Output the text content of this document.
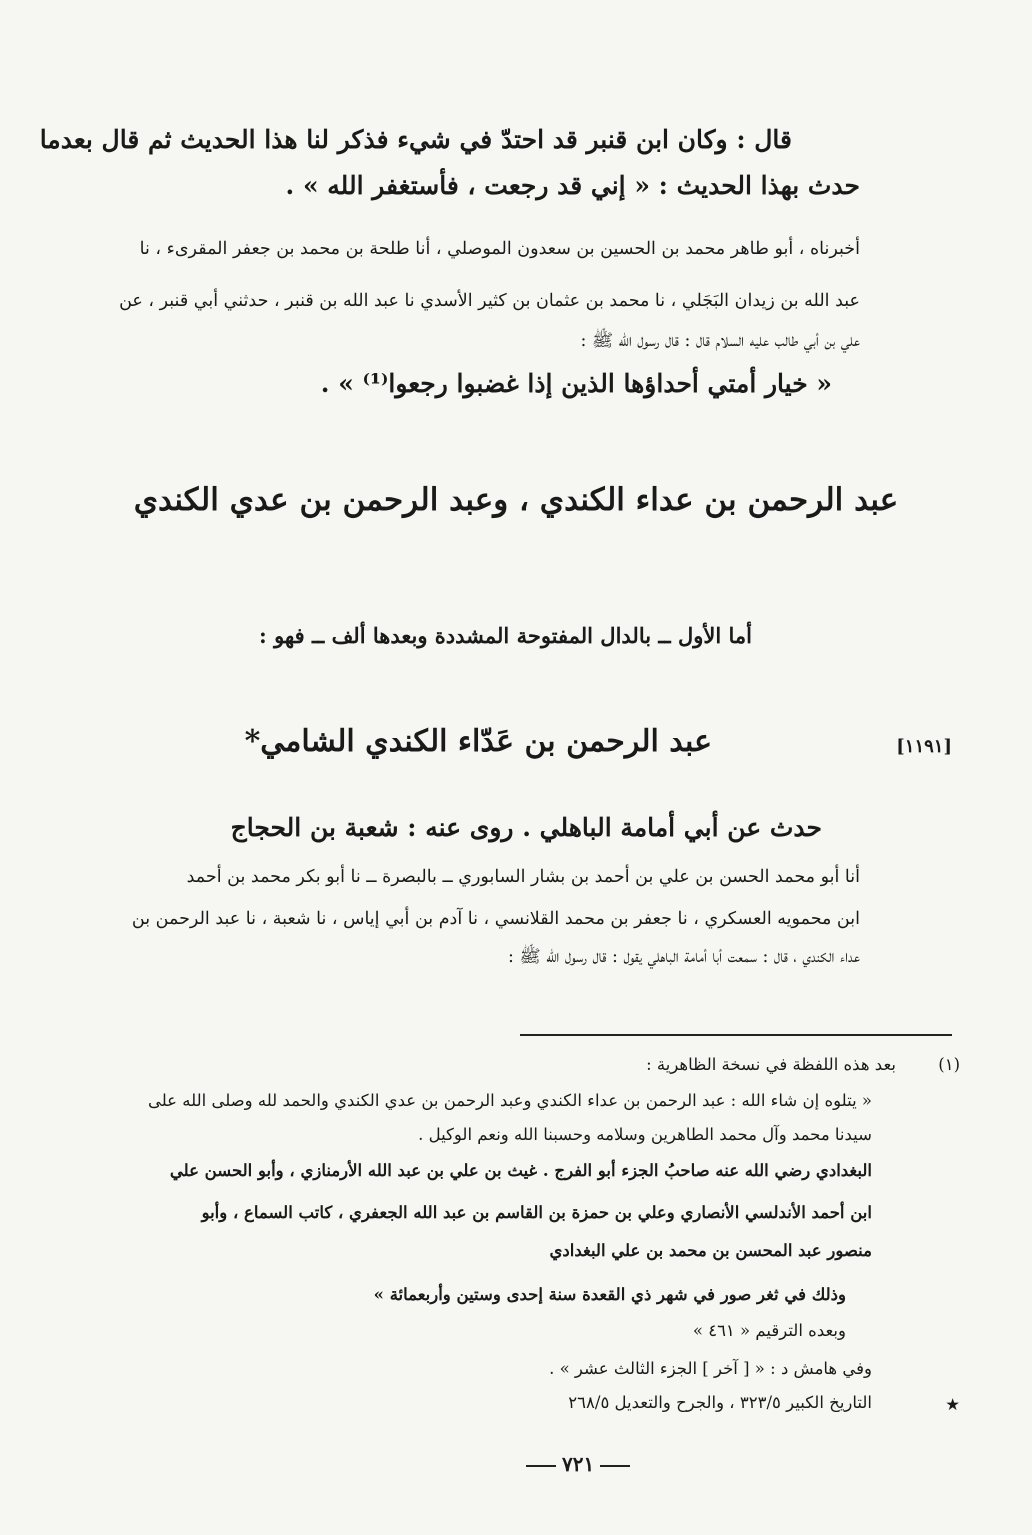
قال : وكان ابن قنبر قد احتدّ في شيء فذكر لنا هذا الحديث ثم قال بعدما
حدث بهذا الحديث : « إني قد رجعت ، فأستغفر الله » .
أخبرناه ، أبو طاهر محمد بن الحسين بن سعدون الموصلي ، أنا طلحة بن محمد بن جعفر المقرىء ، نا
عبد الله بن زيدان البَجَلي ، نا محمد بن عثمان بن كثير الأسدي نا عبد الله بن قنبر ، حدثني أبي قنبر ، عن
علي بن أبي طالب عليه السلام قال : قال رسول الله ﷺ :
« خيار أمتي أحداؤها الذين إذا غضبوا رجعوا⁽¹⁾ » .
عبد الرحمن بن عداء الكندي ، وعبد الرحمن بن عدي الكندي
أما الأول ــ بالدال المفتوحة المشددة وبعدها ألف ــ فهو :
[١١٩١]
عبد الرحمن بن عَدّاء الكندي الشامي*
حدث عن أبي أمامة الباهلي . روى عنه : شعبة بن الحجاج
أنا أبو محمد الحسن بن علي بن أحمد بن بشار السابوري ــ بالبصرة ــ نا أبو بكر محمد بن أحمد
ابن محمويه العسكري ، نا جعفر بن محمد القلانسي ، نا آدم بن أبي إياس ، نا شعبة ، نا عبد الرحمن بن
عداء الكندي ، قال : سمعت أبا أمامة الباهلي يقول : قال رسول الله ﷺ :
(١)
بعد هذه اللفظة في نسخة الظاهرية :
« يتلوه إن شاء الله : عبد الرحمن بن عداء الكندي وعبد الرحمن بن عدي الكندي والحمد لله وصلى الله على
سيدنا محمد وآل محمد الطاهرين وسلامه وحسبنا الله ونعم الوكيل .
البغدادي رضي الله عنه صاحبُ الجزء أبو الفرج . غيث بن علي بن عبد الله الأرمنازي ، وأبو الحسن علي
ابن أحمد الأندلسي الأنصاري وعلي بن حمزة بن القاسم بن عبد الله الجعفري ، كاتب السماع ، وأبو
منصور عبد المحسن بن محمد بن علي البغدادي
وذلك في ثغر صور في شهر ذي القعدة سنة إحدى وستين وأربعمائة »
وبعده الترقيم « ٤٦١ »
وفي هامش د : « [ آخر ] الجزء الثالث عشر » .
★
التاريخ الكبير ٣٢٣/٥ ، والجرح والتعديل ٢٦٨/٥
٧٢١
